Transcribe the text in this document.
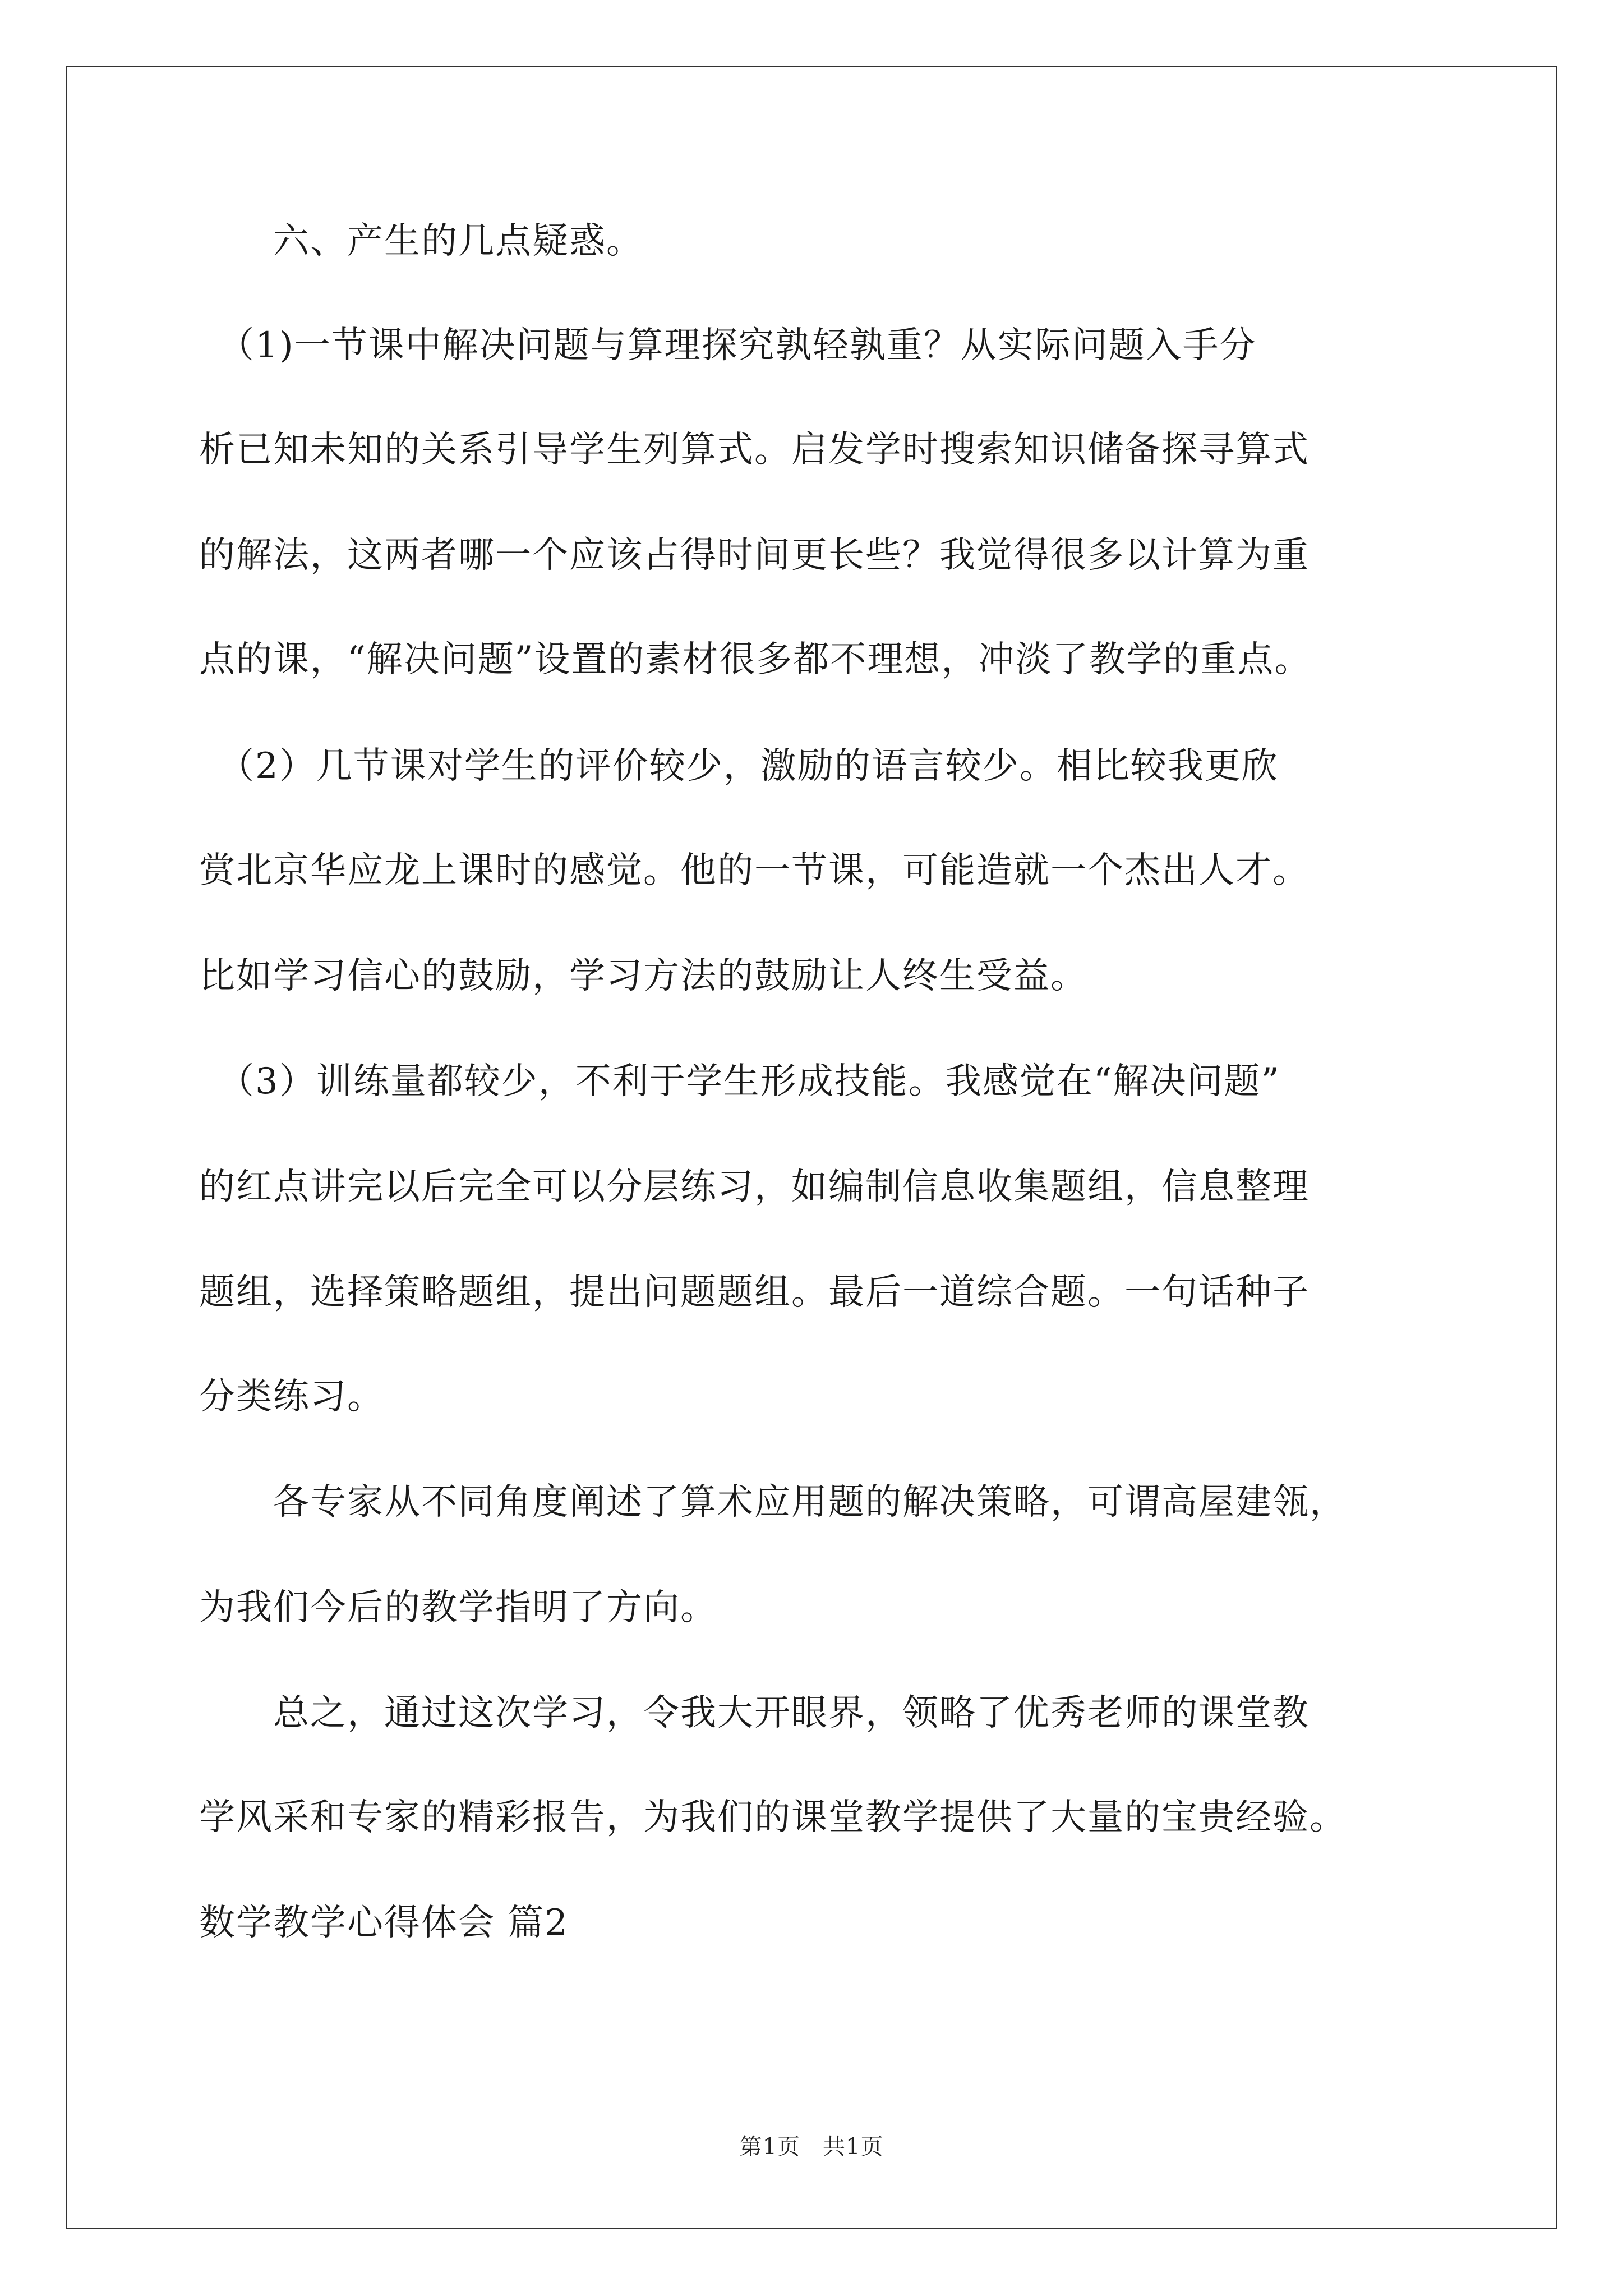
　　六、产生的几点疑惑。
　（1)一节课中解决问题与算理探究孰轻孰重？从实际问题入手分
析已知未知的关系引导学生列算式。启发学时搜索知识储备探寻算式
的解法，这两者哪一个应该占得时间更长些？我觉得很多以计算为重
点的课，“解决问题”设置的素材很多都不理想，冲淡了教学的重点。
　（2）几节课对学生的评价较少，激励的语言较少。相比较我更欣
赏北京华应龙上课时的感觉。他的一节课，可能造就一个杰出人才。
比如学习信心的鼓励，学习方法的鼓励让人终生受益。
　（3）训练量都较少，不利于学生形成技能。我感觉在“解决问题”
的红点讲完以后完全可以分层练习，如编制信息收集题组，信息整理
题组，选择策略题组，提出问题题组。最后一道综合题。一句话种子
分类练习。
　　各专家从不同角度阐述了算术应用题的解决策略，可谓高屋建瓴，
为我们今后的教学指明了方向。
　　总之，通过这次学习，令我大开眼界，领略了优秀老师的课堂教
学风采和专家的精彩报告，为我们的课堂教学提供了大量的宝贵经验。
数学教学心得体会 篇2
第1页 共1页
